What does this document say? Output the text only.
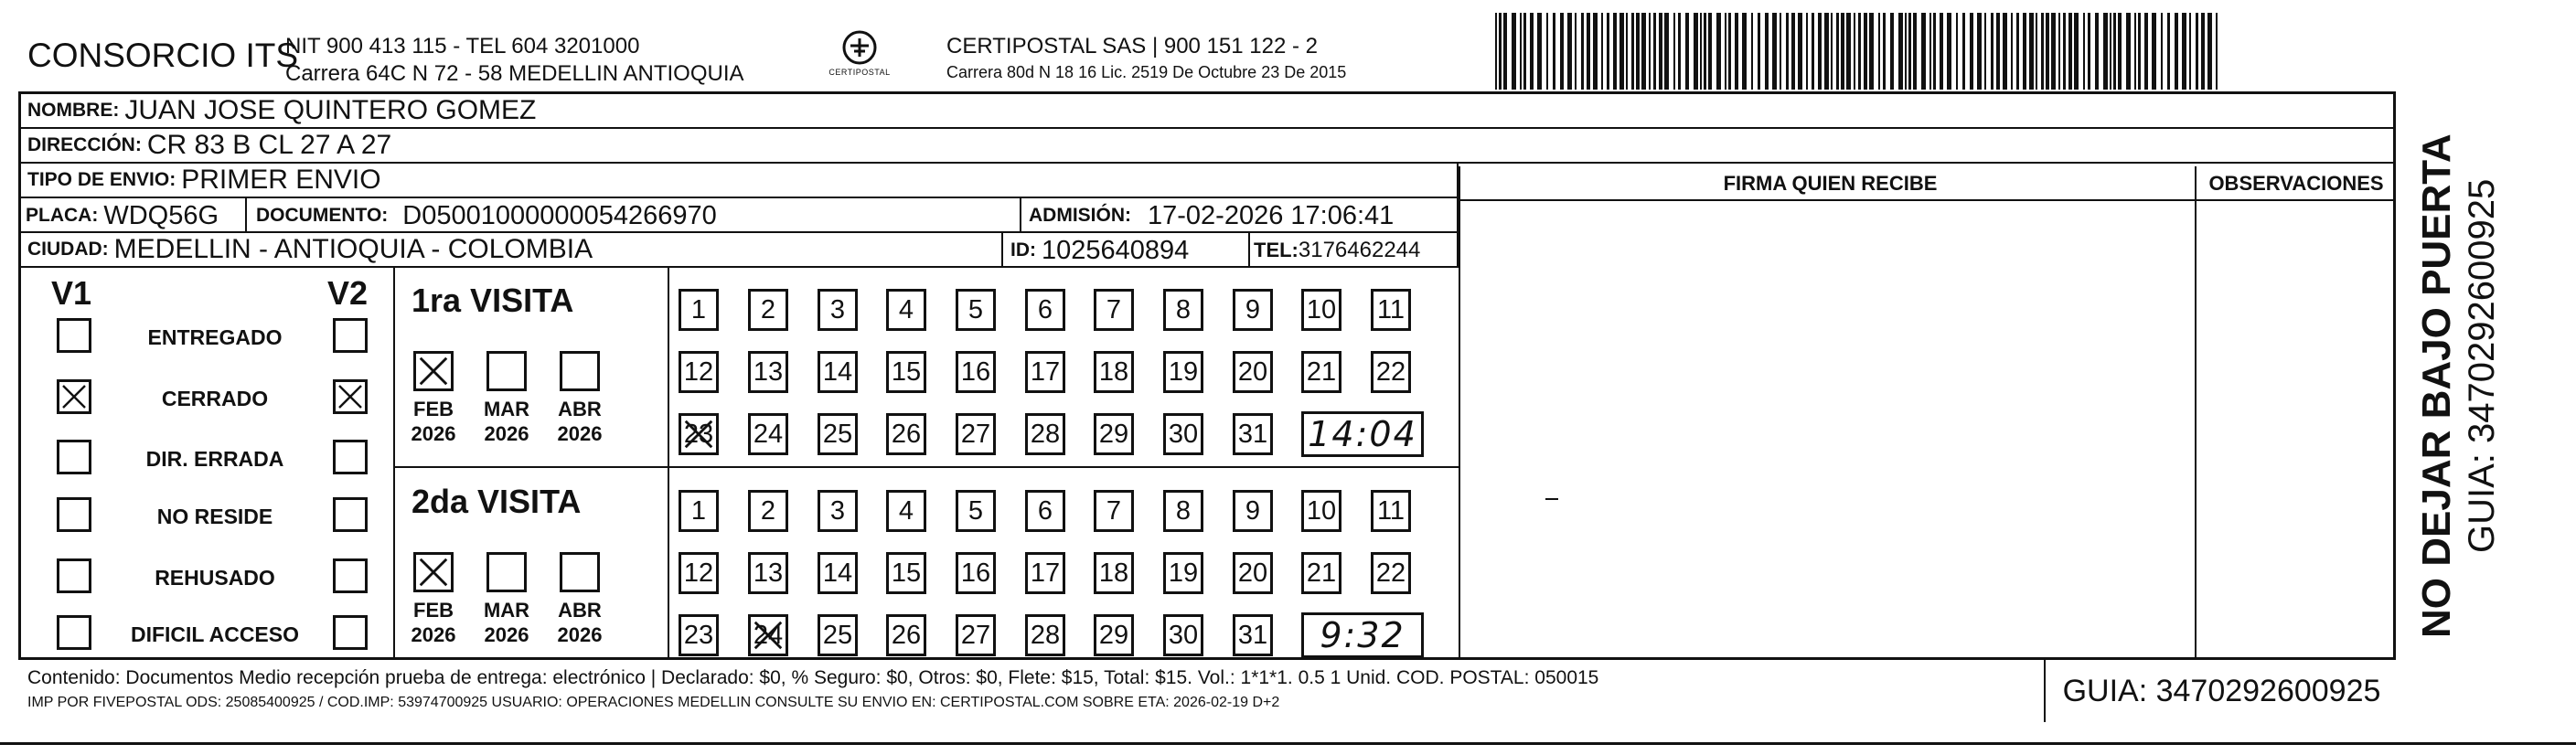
CONSORCIO ITS
NIT 900 413 115 - TEL 604 3201000
Carrera 64C N 72 - 58 MEDELLIN ANTIOQUIA	CERTIPOSTAL
CERTIPOSTAL SAS | 900 151 122 - 2
Carrera 80d N 18 16 Lic. 2519 De Octubre 23 De 2015
NOMBRE: JUAN JOSE QUINTERO GOMEZ
DIRECCIÓN: CR 83 B CL 27 A 27
TIPO DE ENVIO: PRIMER ENVIO	FIRMA QUIEN RECIBE	OBSERVACIONES
PLACA: WDQ56G DOCUMENTO: D05001000000054266970	ADMISIÓN: 17-02-2026 17:06:41
CIUDAD: MEDELLIN - ANTIOQUIA - COLOMBIA	ID: 1025640894	TEL: 3176462244
V1	V2
ENTREGADO
CERRADO
DIR. ERRADA
NO RESIDE
REHUSADO
DIFICIL ACCESO
1ra VISITA
FEB
2026
MAR
2026
ABR
2026
1 2 3 4 5 6 7 8 9 10 11
12 13 14 15 16 17 18 19 20 21 22
23 24 25 26 27 28 29 30 31 14:04
2da VISITA
FEB
2026
MAR
2026
ABR
2026
1 2 3 4 5 6 7 8 9 10 11
12 13 14 15 16 17 18 19 20 21 22
23 24 25 26 27 28 29 30 31	9:32
Contenido: Documentos Medio recepción prueba de entrega: electrónico | Declarado: $0, % Seguro: $0, Otros: $0, Flete: $15, Total: $15. Vol.: 1*1*1. 0.5 1 Unid. COD. POSTAL: 050015
IMP POR FIVEPOSTAL ODS: 25085400925 / COD.IMP: 53974700925 USUARIO: OPERACIONES MEDELLIN CONSULTE SU ENVIO EN: CERTIPOSTAL.COM SOBRE ETA: 2026-02-19 D+2	GUIA: 3470292600925
NO DEJAR BAJO PUERTA GUIA: 3470292600925
